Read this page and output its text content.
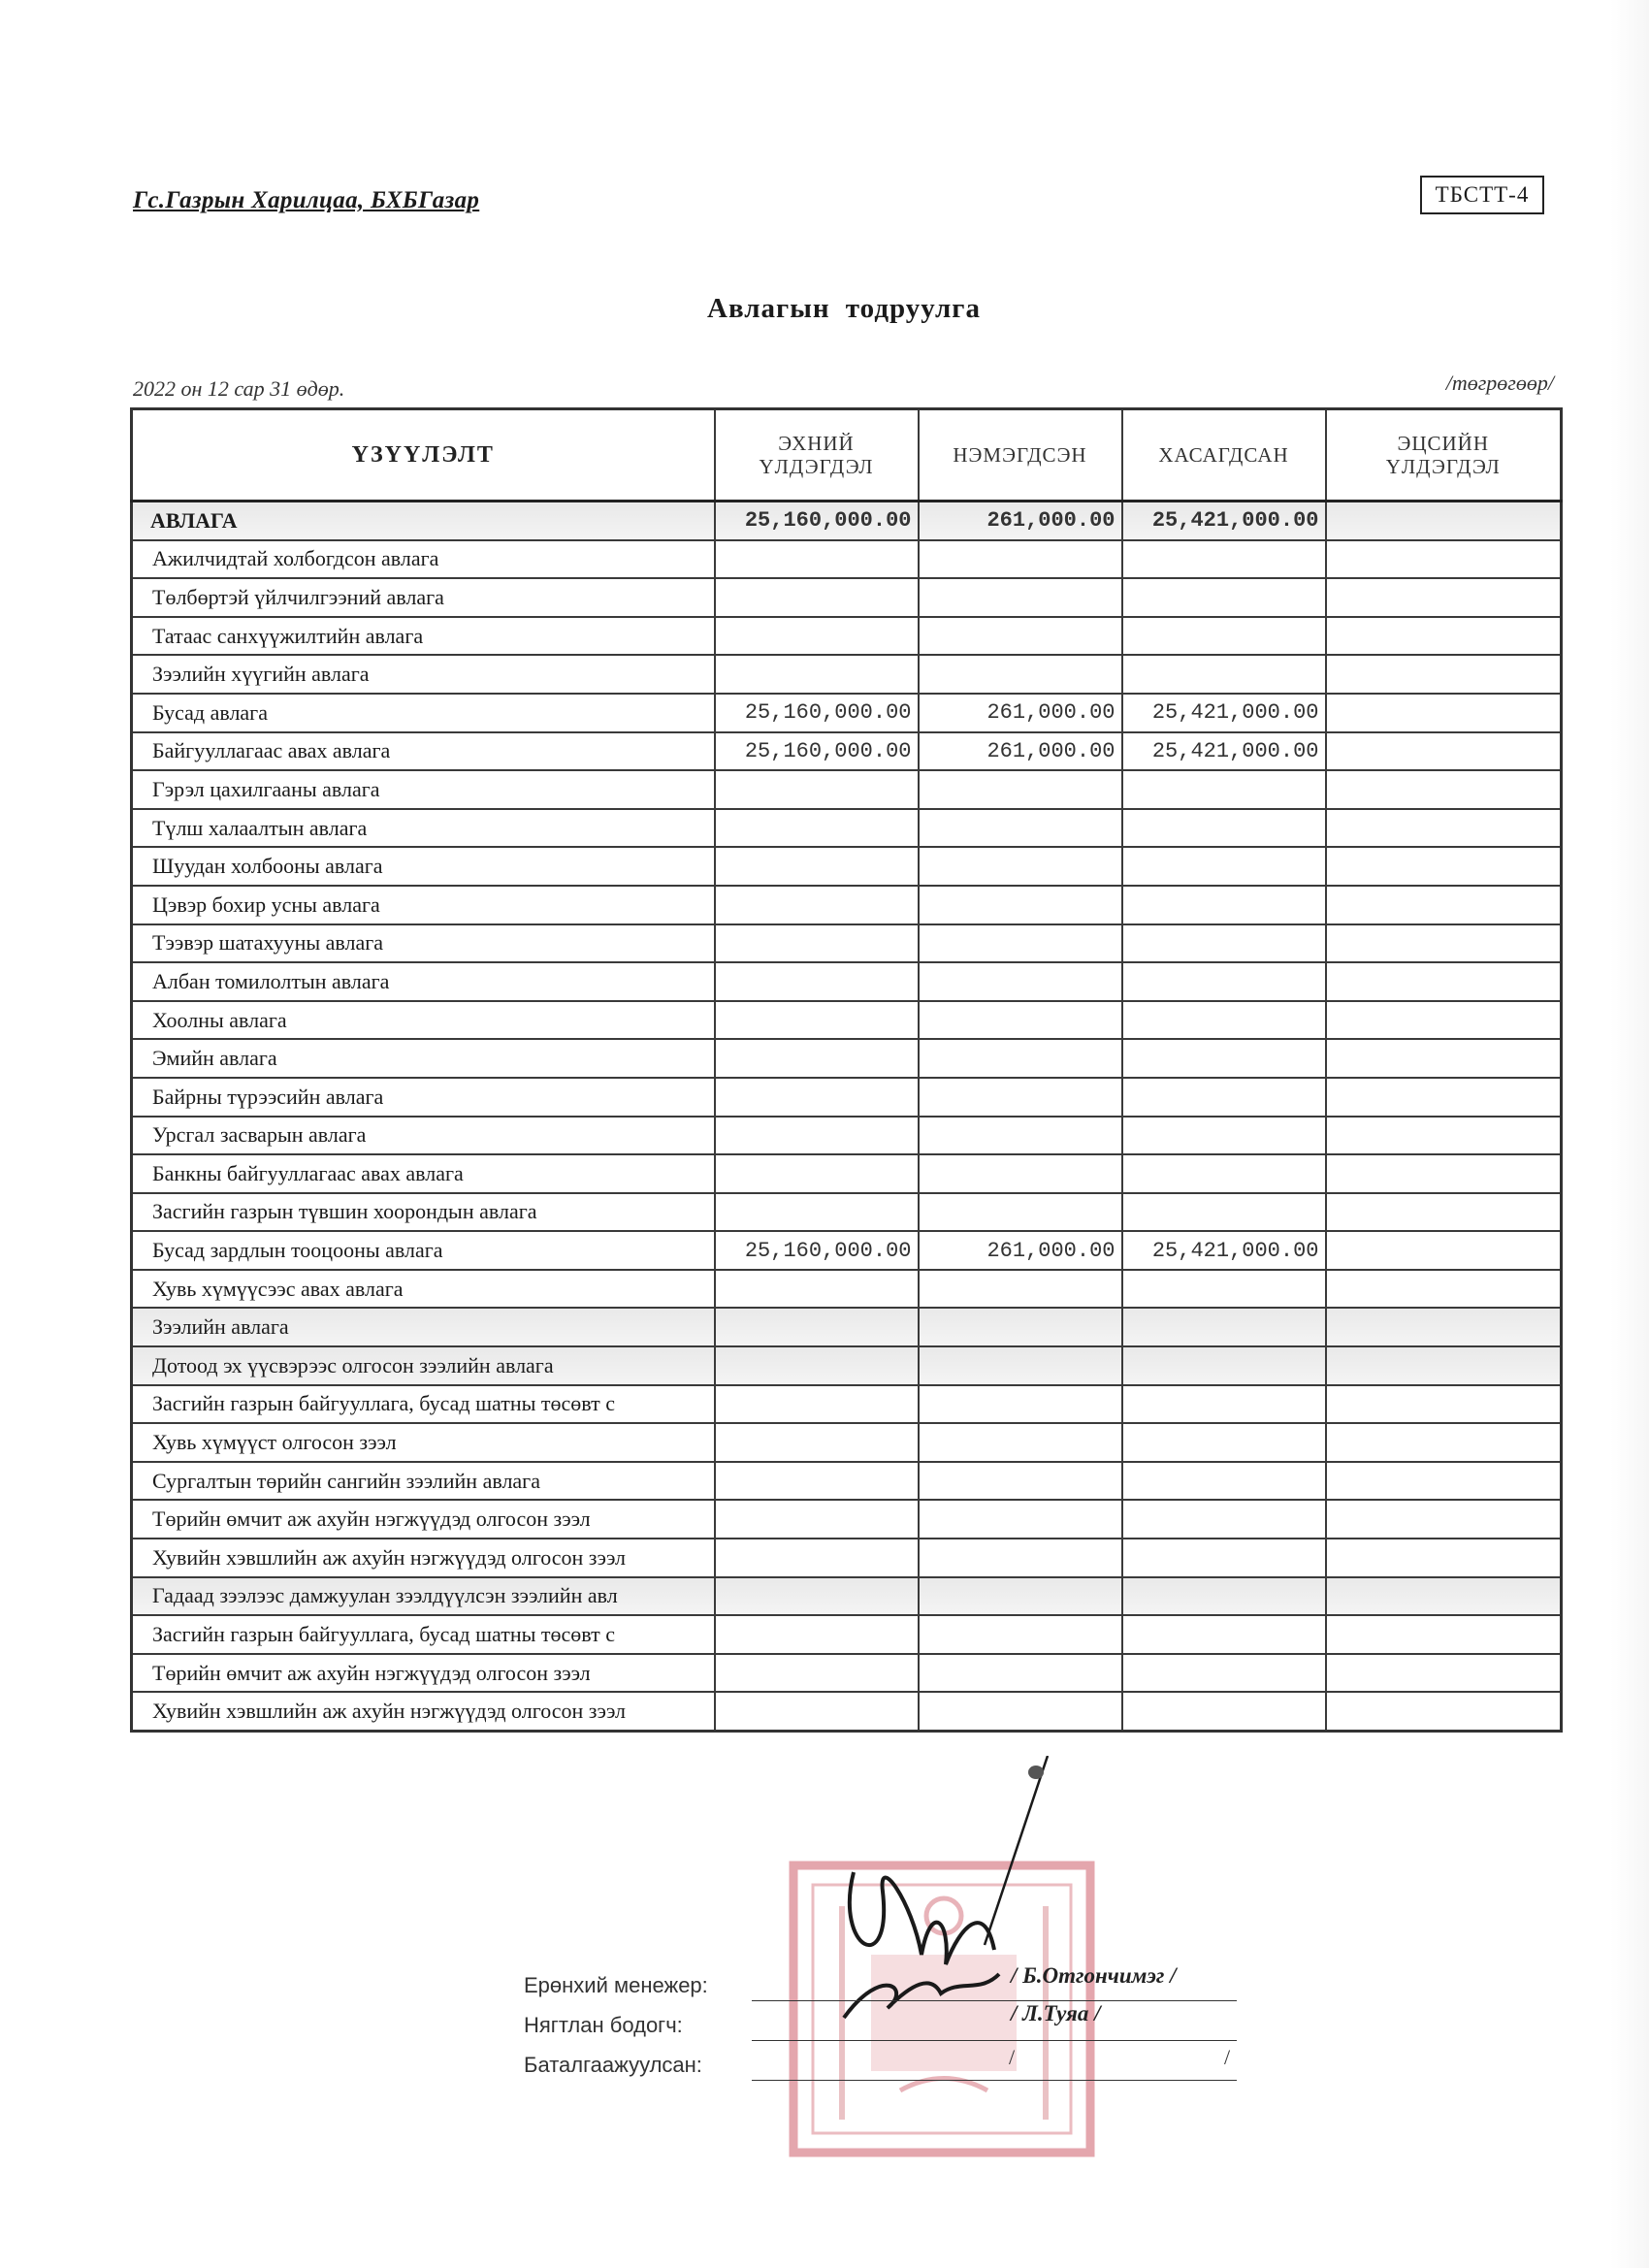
Гс.Газрын Харилцаа, БХБГазар	ТБСТТ-4
Авлагын тодруулга
2022 он 12 сар 31 өдөр.	/төгрөгөөр/
ҮЗҮҮЛЭЛТ	ЭХНИЙ ҮЛДЭГДЭЛ	НЭМЭГДСЭН	ХАСАГДСАН	ЭЦСИЙН ҮЛДЭГДЭЛ

АВЛАГА	25,160,000.00	261,000.00	25,421,000.00	
Ажилчидтай холбогдсон авлага				
Төлбөртэй үйлчилгээний авлага				
Татаас санхүүжилтийн авлага				
Зээлийн хүүгийн авлага				
Бусад авлага	25,160,000.00	261,000.00	25,421,000.00	
Байгууллагаас авах авлага	25,160,000.00	261,000.00	25,421,000.00	
Гэрэл цахилгааны авлага				
Түлш халаалтын авлага				
Шуудан холбооны авлага				
Цэвэр бохир усны авлага				
Тээвэр шатахууны авлага				
Албан томилолтын авлага				
Хоолны авлага				
Эмийн авлага				
Байрны түрээсийн авлага				
Урсгал засварын авлага				
Банкны байгууллагаас авах авлага				
Засгийн газрын түвшин хоорондын авлага				
Бусад зардлын тооцооны авлага	25,160,000.00	261,000.00	25,421,000.00	
Хувь хүмүүсээс авах авлага				
Зээлийн авлага				
Дотоод эх үүсвэрээс олгосон зээлийн авлага				
Засгийн газрын байгууллага, бусад шатны төсөвт с				
Хувь хүмүүст олгосон зээл				
Сургалтын төрийн сангийн зээлийн авлага				
Төрийн өмчит аж ахуйн нэгжүүдэд олгосон зээл				
Хувийн хэвшлийн аж ахуйн нэгжүүдэд олгосон зээл				
Гадаад зээлээс дамжуулан зээлдүүлсэн зээлийн авл				
Засгийн газрын байгууллага, бусад шатны төсөвт с				
Төрийн өмчит аж ахуйн нэгжүүдэд олгосон зээл				
Хувийн хэвшлийн аж ахуйн нэгжүүдэд олгосон зээл				
Ерөнхий менежер:
Нягтлан бодогч:
Баталгаажуулсан:
/ Б.Отгончимэг /
/ Л.Туяа /
/	/
